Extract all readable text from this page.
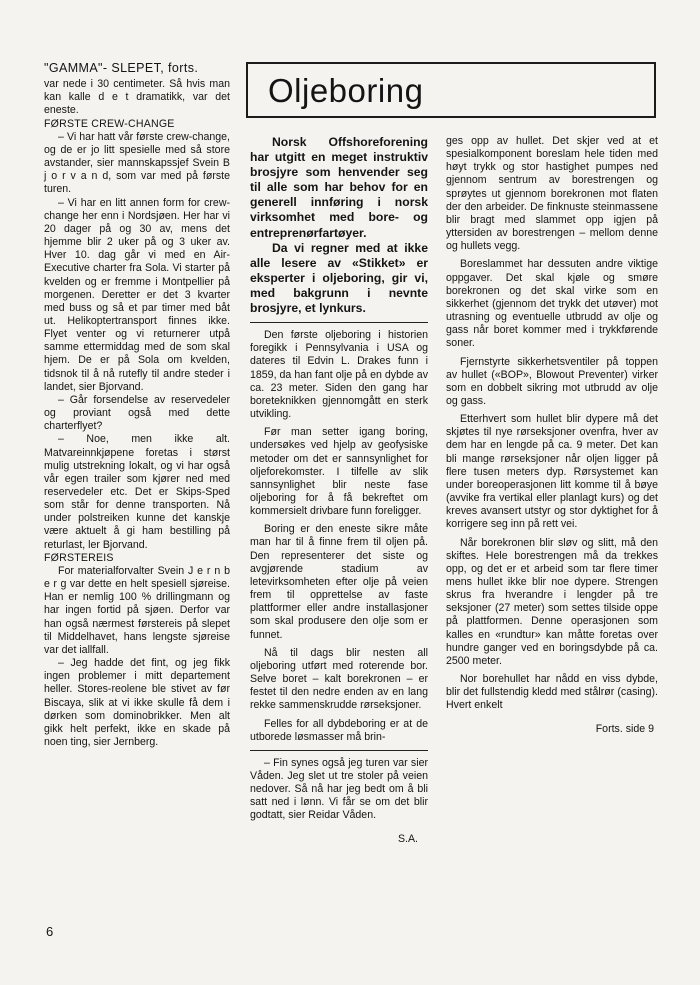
"GAMMA"- SLEPET, forts.

var nede i 30 centimeter. Så hvis man kan kalle d e t dramatikk, var det eneste.

FØRSTE CREW-CHANGE

– Vi har hatt vår første crew-change, og de er jo litt spesielle med så store avstander, sier mannskapssjef Svein B j o r v a n d, som var med på første turen.

– Vi har en litt annen form for crew-change her enn i Nordsjøen. Her har vi 20 dager på og 30 av, mens det hjemme blir 2 uker på og 3 uker av. Hver 10. dag går vi med en Air-Executive charter fra Sola. Vi starter på kvelden og er fremme i Montpellier på morgenen. Deretter er det 3 kvarter med buss og så et par timer med båt ut. Helikoptertransport finnes ikke. Flyet venter og vi returnerer utpå samme ettermiddag med de som skal hjem. De er på Sola om kvelden, tidsnok til å nå rutefly til andre steder i landet, sier Bjorvand.

– Går forsendelse av reservedeler og proviant også med dette charterflyet?

– Noe, men ikke alt. Matvareinnkjøpene foretas i størst mulig utstrekning lokalt, og vi har også vår egen trailer som kjører ned med reservedeler etc. Det er Skips-Sped som står for denne transporten. Nå under polstreiken kunne det kanskje være aktuelt å gi ham bestilling på returlast, ler Bjorvand.

FØRSTEREIS

For materialforvalter Svein J e r n b e r g var dette en helt spesiell sjøreise. Han er nemlig 100 % drillingmann og har ingen fortid på sjøen. Derfor var han også nærmest førstereis på slepet til Middelhavet, hans lengste sjøreise var det iallfall.

– Jeg hadde det fint, og jeg fikk ingen problemer i mitt departement heller. Stores-reolene ble stivet av før Biscaya, slik at vi ikke skulle få dem i dørken som dominobrikker. Men alt gikk helt perfekt, ikke en skade på noen ting, sier Jernberg.

Oljeboring

Norsk Offshoreforening har utgitt en meget instruktiv brosjyre som henvender seg til alle som har behov for en generell innføring i norsk virksomhet med bore- og entreprenørfartøyer.

Da vi regner med at ikke alle lesere av «Stikket» er eksperter i oljeboring, gir vi, med bakgrunn i nevnte brosjyre, et lynkurs.

Den første oljeboring i historien foregikk i Pennsylvania i USA og dateres til Edvin L. Drakes funn i 1859, da han fant olje på en dybde av ca. 23 meter. Siden den gang har boreteknikken gjennomgått en sterk utvikling.

Før man setter igang boring, undersøkes ved hjelp av geofysiske metoder om det er sannsynlighet for oljeforekomster. I tilfelle av slik sannsynlighet blir neste fase oljeboring for å få bekreftet om kommersielt drivbare funn foreligger.

Boring er den eneste sikre måte man har til å finne frem til oljen på. Den representerer det siste og avgjørende stadium av letevirksomheten efter olje på veien frem til opprettelse av faste plattformer eller andre installasjoner som skal produsere den olje som er funnet.

Nå til dags blir nesten all oljeboring utført med roterende bor. Selve boret – kalt borekronen – er festet til den nedre enden av en lang rekke sammenskrudde rørseksjoner.

Felles for all dybdeboring er at de utborede løsmasser må brin-

– Fin synes også jeg turen var sier Våden. Jeg slet ut tre stoler på veien nedover. Så nå har jeg bedt om å bli satt ned i lønn. Vi får se om det blir godtatt, sier Reidar Våden.

S.A.

ges opp av hullet. Det skjer ved at et spesialkomponent boreslam hele tiden med høyt trykk og stor hastighet pumpes ned gjennom sentrum av borestrengen og sprøytes ut gjennom borekronen mot flaten der den arbeider. De finknuste steinmassene blir bragt med slammet opp igjen på yttersiden av borestrengen – mellom denne og hullets vegg.

Boreslammet har dessuten andre viktige oppgaver. Det skal kjøle og smøre borekronen og det skal virke som en sikkerhet (gjennom det trykk det utøver) mot utrasning og eventuelle utbrudd av olje og gass når boret kommer med i trykkførende soner.

Fjernstyrte sikkerhetsventiler på toppen av hullet («BOP», Blowout Preventer) virker som en dobbelt sikring mot utbrudd av olje og gass.

Etterhvert som hullet blir dypere må det skjøtes til nye rørseksjoner ovenfra, hver av dem har en lengde på ca. 9 meter. Det kan bli mange rørseksjoner når oljen ligger på flere tusen meters dyp. Rørsystemet kan under boreoperasjonen litt komme til å bøye (avvike fra vertikal eller planlagt kurs) og det kreves avansert utstyr og stor dyktighet for å korrigere seg inn på rett vei.

Når borekronen blir sløv og slitt, må den skiftes. Hele borestrengen må da trekkes opp, og det er et arbeid som tar flere timer mens hullet ikke blir noe dypere. Strengen skrus fra hverandre i lengder på tre seksjoner (27 meter) som settes tilside oppe på plattformen. Denne operasjonen som kalles en «rundtur» kan måtte foretas over hundre ganger ved en boringsdybde på ca. 2500 meter.

Nor borehullet har nådd en viss dybde, blir det fullstendig kledd med stålrør (casing). Hvert enkelt

Forts. side 9

6
